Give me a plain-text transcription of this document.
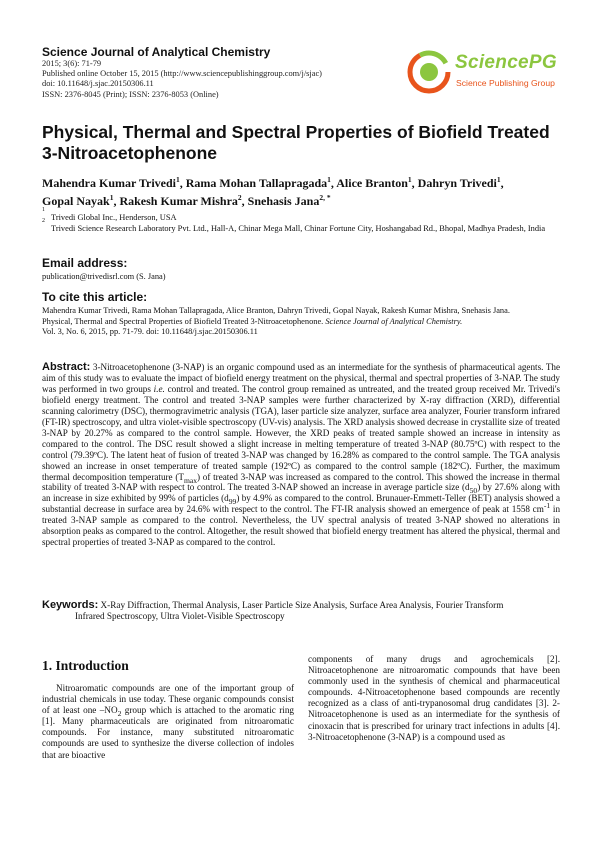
Science Journal of Analytical Chemistry
2015; 3(6): 71-79
Published online October 15, 2015 (http://www.sciencepublishinggroup.com/j/sjac)
doi: 10.11648/j.sjac.20150306.11
ISSN: 2376-8045 (Print); ISSN: 2376-8053 (Online)
SciencePG
Science Publishing Group
Physical, Thermal and Spectral Properties of Biofield Treated 3-Nitroacetophenone
Mahendra Kumar Trivedi$^1$, Rama Mohan Tallapragada$^1$, Alice Branton$^1$, Dahryn Trivedi$^1$,
Gopal Nayak$^1$, Rakesh Kumar Mishra$^2$, Snehasis Jana$^{2, *}$
1
Trivedi Global Inc., Henderson, USA
2
Trivedi Science Research Laboratory Pvt. Ltd., Hall-A, Chinar Mega Mall, Chinar Fortune City, Hoshangabad Rd., Bhopal, Madhya Pradesh, India
Email address:
publication@trivedisrl.com (S. Jana)
To cite this article:
Mahendra Kumar Trivedi, Rama Mohan Tallapragada, Alice Branton, Dahryn Trivedi, Gopal Nayak, Rakesh Kumar Mishra, Snehasis Jana.
Physical, Thermal and Spectral Properties of Biofield Treated 3-Nitroacetophenone. Science Journal of Analytical Chemistry.
Vol. 3, No. 6, 2015, pp. 71-79. doi: 10.11648/j.sjac.20150306.11
Abstract: 3-Nitroacetophenone (3-NAP) is an organic compound used as an intermediate for the synthesis of pharmaceutical agents. The aim of this study was to evaluate the impact of biofield energy treatment on the physical, thermal and spectral properties of 3-NAP. The study was performed in two groups i.e. control and treated. The control group remained as untreated, and the treated group received Mr. Trivedi's biofield energy treatment. The control and treated 3-NAP samples were further characterized by X-ray diffraction (XRD), differential scanning calorimetry (DSC), thermogravimetric analysis (TGA), laser particle size analyzer, surface area analyzer, Fourier transform infrared (FT-IR) spectroscopy, and ultra violet-visible spectroscopy (UV-vis) analysis. The XRD analysis showed decrease in crystallite size of treated 3-NAP by 20.27% as compared to the control sample. However, the XRD peaks of treated sample showed an increase in intensity as compared to the control. The DSC result showed a slight increase in melting temperature of treated 3-NAP (80.75ºC) with respect to the control (79.39ºC). The latent heat of fusion of treated 3-NAP was changed by 16.28% as compared to the control sample. The TGA analysis showed an increase in onset temperature of treated sample (192ºC) as compared to the control sample (182ºC). Further, the maximum thermal decomposition temperature $(T_{max})$ of treated 3-NAP was increased as compared to the control. This showed the increase in thermal stability of treated 3-NAP with respect to control. The treated 3-NAP showed an increase in average particle size $(d_{50})$ by 27.6% along with an increase in size exhibited by 99% of particles $(d_{99})$ by 4.9% as compared to the control. Brunauer-Emmett-Teller (BET) analysis showed a substantial decrease in surface area by 24.6% with respect to the control. The FT-IR analysis showed an emergence of peak at 1558 $cm^{-1}$ in treated 3-NAP sample as compared to the control. Nevertheless, the UV spectral analysis of treated 3-NAP showed no alterations in absorption peaks as compared to the control. Altogether, the result showed that biofield energy treatment has altered the physical, thermal and spectral properties of treated 3-NAP as compared to the control.
Keywords: X-Ray Diffraction, Thermal Analysis, Laser Particle Size Analysis, Surface Area Analysis, Fourier Transform
Infrared Spectroscopy, Ultra Violet-Visible Spectroscopy
1. Introduction
Nitroaromatic compounds are one of the important group of industrial chemicals in use today. These organic compounds consist of at least one $-NO_2$ group which is attached to the aromatic ring [1]. Many pharmaceuticals are originated from nitroaromatic compounds. For instance, many substituted nitroaromatic compounds are used to synthesize the diverse collection of indoles that are bioactive
components of many drugs and agrochemicals [2]. Nitroacetophenone are nitroaromatic compounds that have been commonly used in the synthesis of chemical and pharmaceutical compounds. 4-Nitroacetophenone based compounds are recently recognized as a class of anti-trypanosomal drug candidates [3]. 2-Nitroacetophenone is used as an intermediate for the synthesis of cinoxacin that is prescribed for urinary tract infections in adults [4]. 3-Nitroacetophenone (3-NAP) is a compound used as
